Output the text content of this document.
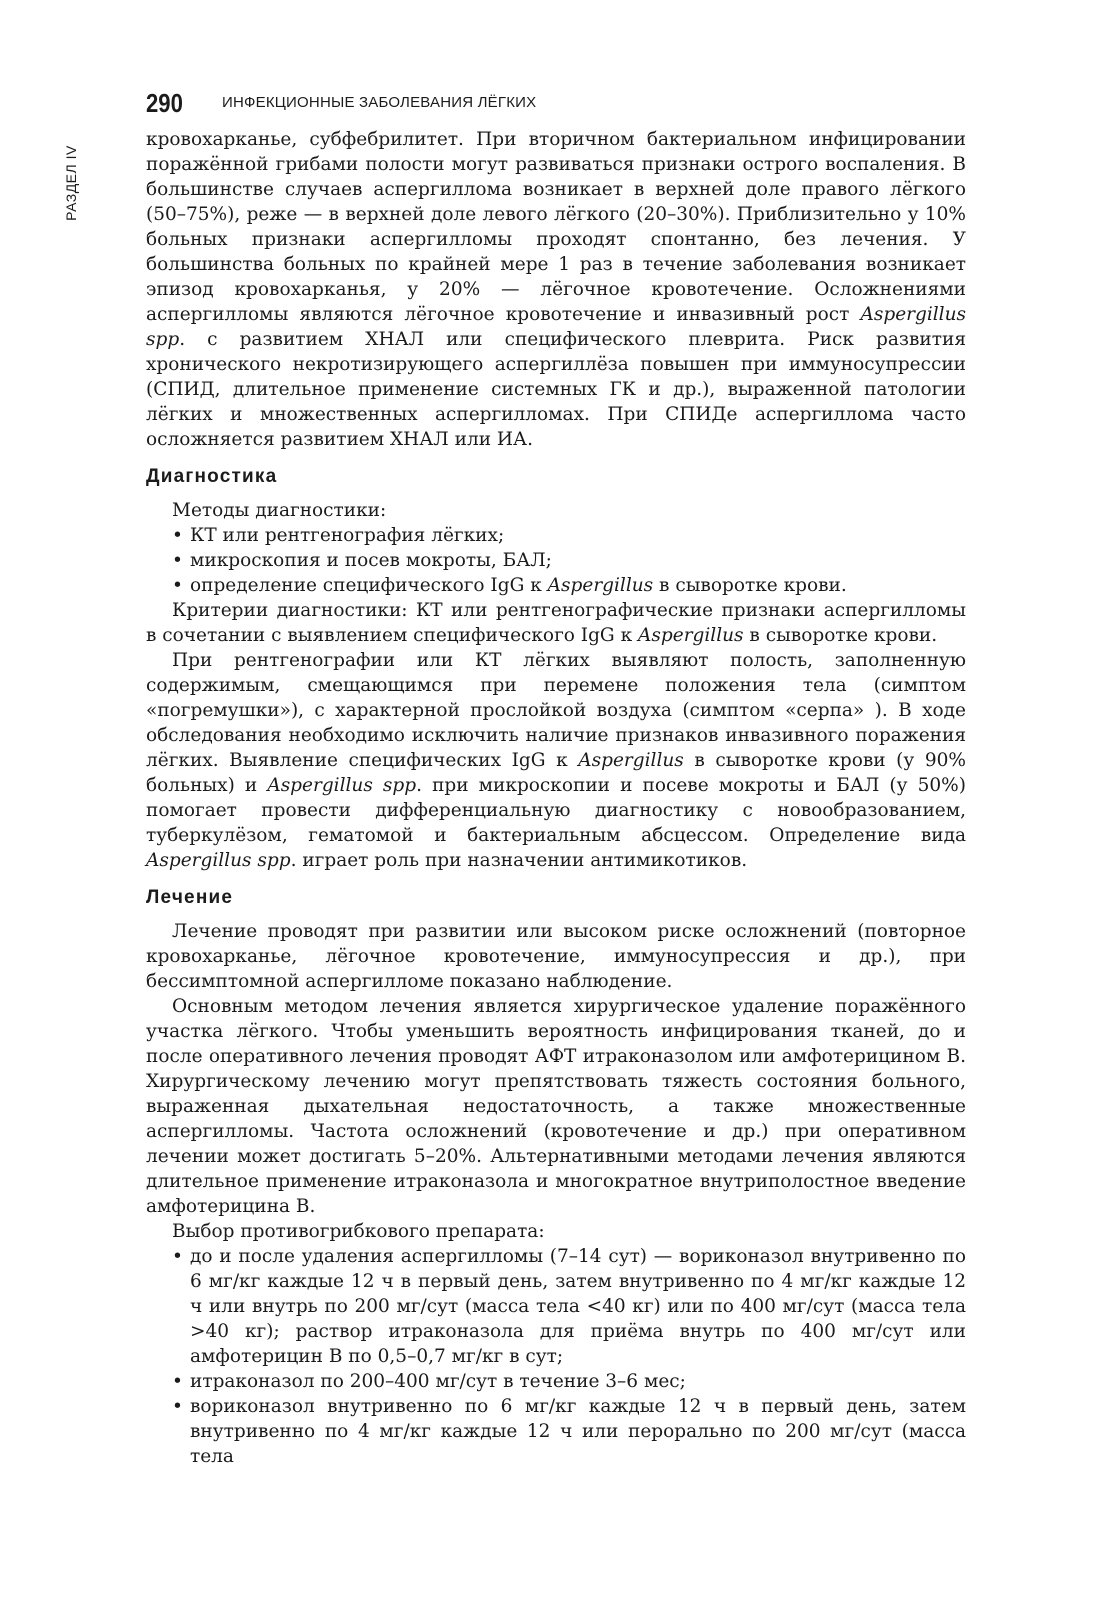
РАЗДЕЛ IV
290	ИНФЕКЦИОННЫЕ ЗАБОЛЕВАНИЯ ЛЁГКИХ

кровохарканье, субфебрилитет. При вторичном бактериальном инфицировании поражённой грибами полости могут развиваться признаки острого воспаления. В большинстве случаев аспергиллома возникает в верхней доле правого лёгкого (50–75%), реже — в верхней доле левого лёгкого (20–30%). Приблизительно у 10% больных признаки аспергилломы проходят спонтанно, без лечения. У большинства больных по крайней мере 1 раз в течение заболевания возникает эпизод кровохарканья, у 20% — лёгочное кровотечение. Осложнениями аспергилломы являются лёгочное кровотечение и инвазивный рост Aspergillus spp. с развитием ХНАЛ или специфического плеврита. Риск развития хронического некротизирующего аспергиллёза повышен при иммуносупрессии (СПИД, длительное применение системных ГК и др.), выраженной патологии лёгких и множественных аспергилломах. При СПИДе аспергиллома часто осложняется развитием ХНАЛ или ИА.

Диагностика

Методы диагностики:

• КТ или рентгенография лёгких;
• микроскопия и посев мокроты, БАЛ;
• определение специфического IgG к Aspergillus в сыворотке крови.

Критерии диагностики: КТ или рентгенографические признаки аспергилломы в сочетании с выявлением специфического IgG к Aspergillus в сыворотке крови.

При рентгенографии или КТ лёгких выявляют полость, заполненную содержимым, смещающимся при перемене положения тела (симптом «погремушки»), с характерной прослойкой воздуха (симптом «серпа» ). В ходе обследования необходимо исключить наличие признаков инвазивного поражения лёгких. Выявление специфических IgG к Aspergillus в сыворотке крови (у 90% больных) и Aspergillus spp. при микроскопии и посеве мокроты и БАЛ (у 50%) помогает провести дифференциальную диагностику с новообразованием, туберкулёзом, гематомой и бактериальным абсцессом. Определение вида Aspergillus spp. играет роль при назначении антимикотиков.

Лечение

Лечение проводят при развитии или высоком риске осложнений (повторное кровохарканье, лёгочное кровотечение, иммуносупрессия и др.), при бессимптомной аспергилломе показано наблюдение.

Основным методом лечения является хирургическое удаление поражённого участка лёгкого. Чтобы уменьшить вероятность инфицирования тканей, до и после оперативного лечения проводят АФТ итраконазолом или амфотерицином В. Хирургическому лечению могут препятствовать тяжесть состояния больного, выраженная дыхательная недостаточность, а также множественные аспергилломы. Частота осложнений (кровотечение и др.) при оперативном лечении может достигать 5–20%. Альтернативными методами лечения являются длительное применение итраконазола и многократное внутриполостное введение амфотерицина В.

Выбор противогрибкового препарата:

• до и после удаления аспергилломы (7–14 сут) — вориконазол внутривенно по 6 мг/кг каждые 12 ч в первый день, затем внутривенно по 4 мг/кг каждые 12 ч или внутрь по 200 мг/сут (масса тела <40 кг) или по 400 мг/сут (масса тела >40 кг); раствор итраконазола для приёма внутрь по 400 мг/сут или амфотерицин В по 0,5–0,7 мг/кг в сут;
• итраконазол по 200–400 мг/сут в течение 3–6 мес;
• вориконазол внутривенно по 6 мг/кг каждые 12 ч в первый день, затем внутривенно по 4 мг/кг каждые 12 ч или перорально по 200 мг/сут (масса тела
